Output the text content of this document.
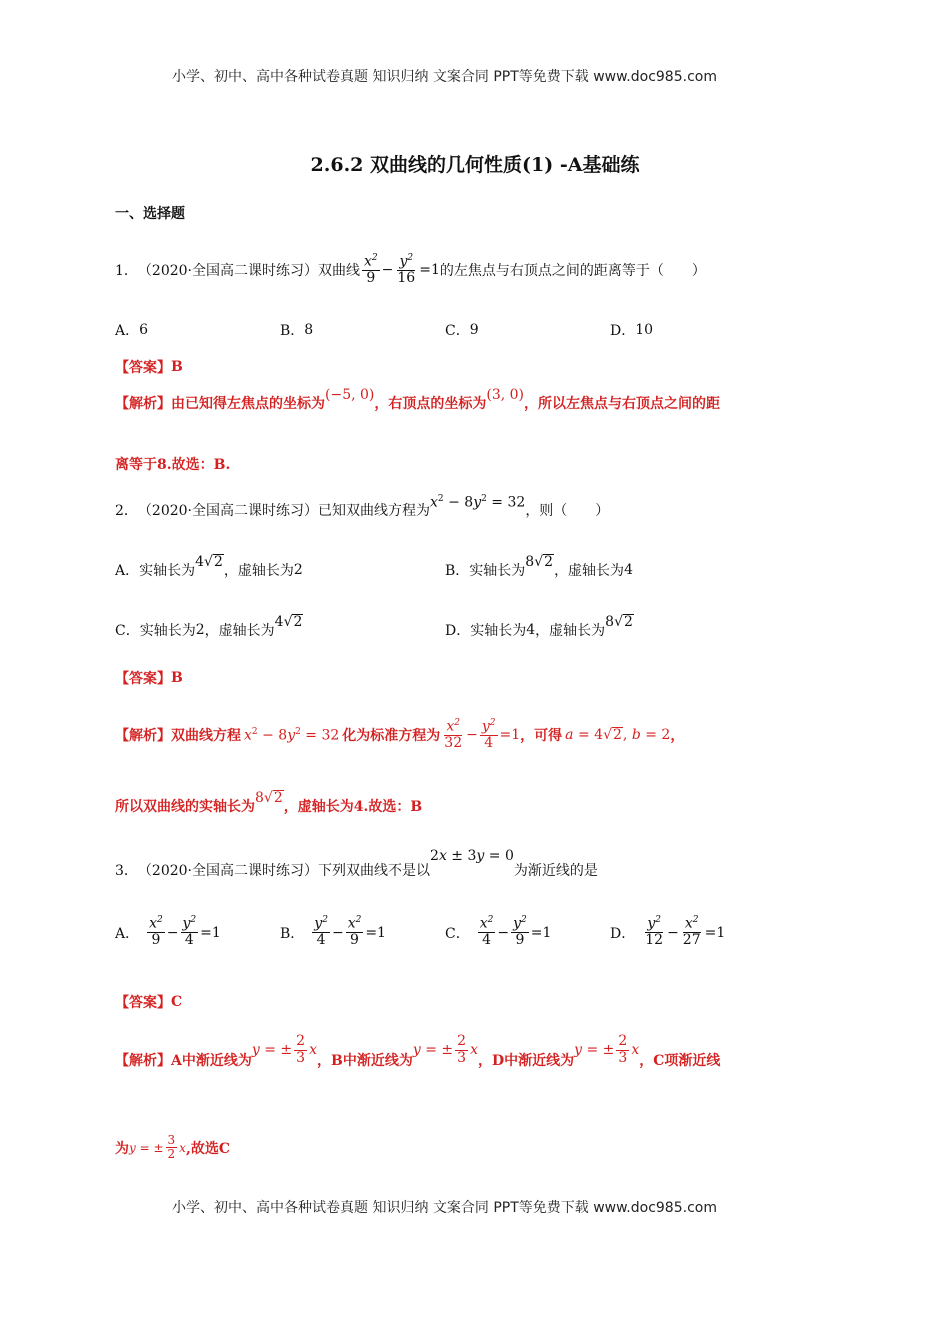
小学、初中、高中各种试卷真题 知识归纳 文案合同 PPT等免费下载 www.doc985.com
2.6.2 双曲线的几何性质(1) -A基础练
一、选择题
1． （2020·全国高二课时练习） 双曲线 $\frac{x^2}{9} - \frac{y^2}{16} =1$ 的左焦点与右顶点之间的距离等于（　　）
A． 6	B． 8	C． 9	D． 10
【答案】 B
【解析】 由已知得左焦点的坐标为
(−5, 0)
，右顶点的坐标为
(3, 0)
，所以左焦点与右顶点之间的距
离等于8.故选：B.
2． （2020·全国高二课时练习） 已知双曲线方程为
$x^2 - 8y^2 = 32$
，则（　　）
A． 实轴长为
4√ 2
，虚轴长为 2	B． 实轴长为
8√ 2
，虚轴长为 4
C． 实轴长为 2 ，虚轴长为
4√ 2
D． 实轴长为 4 ，虚轴长为
8√ 2
【答案】 B
【解析】 双曲线方程 $x^2 - 8y^2 = 32$ 化为标准方程为 $\frac{x^2}{32} - \frac{y^2}{4} =1$ ，可得 a = 4√ 2 , b = 2 ，
所以双曲线的实轴长为
8√ 2
，虚轴长为4.故选：B
3． （2020·全国高二课时练习） 下列双曲线不是以
2x ± 3y = 0
为渐近线的是
A． $\frac{x^2}{9} - \frac{y^2}{4} =1$	B． $\frac{y^2}{4} - \frac{x^2}{9} =1$	C． $\frac{x^2}{4} - \frac{y^2}{9} =1$	D． $\frac{y^2}{12} - \frac{x^2}{27} =1$
【答案】 C
【解析】 A中渐近线为
y = ± $\frac{2}{3}$ x
，B中渐近线为
y = ± $\frac{2}{3}$ x
，D中渐近线为
y = ± $\frac{2}{3}$ x
，C项渐近线
为 y = ± $\frac{3}{2}$ x ,故选C
小学、初中、高中各种试卷真题 知识归纳 文案合同 PPT等免费下载 www.doc985.com
